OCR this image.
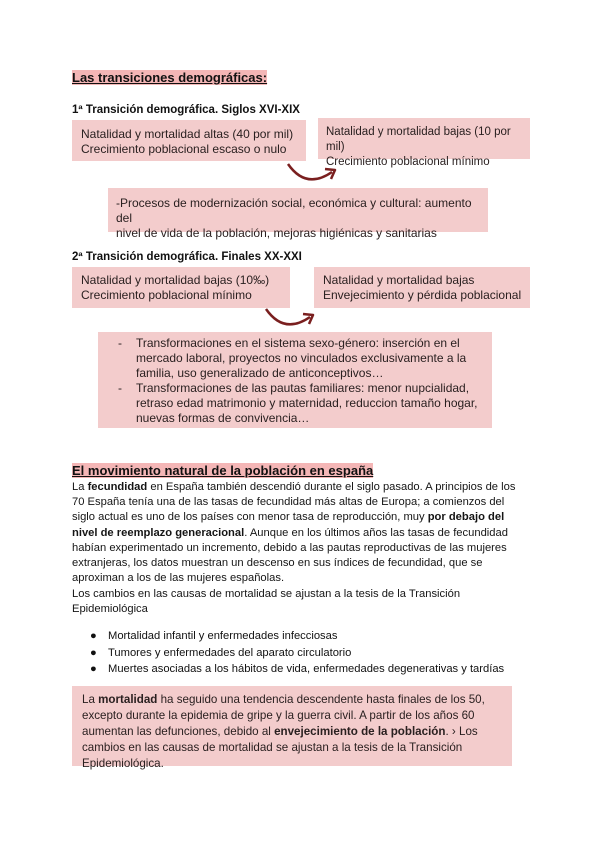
Las transiciones demográficas:
1ª Transición demográfica. Siglos XVI-XIX
Natalidad y mortalidad altas (40 por mil)
Crecimiento poblacional escaso o nulo
Natalidad y mortalidad bajas (10 por mil)
Crecimiento poblacional mínimo
-Procesos de modernización social, económica y cultural: aumento del
nivel de vida de la población, mejoras higiénicas y sanitarias
2ª Transición demográfica. Finales XX-XXI
Natalidad y mortalidad bajas (10‰)
Crecimiento poblacional mínimo
Natalidad y mortalidad bajas
Envejecimiento y pérdida poblacional
- Transformaciones en el sistema sexo-género: inserción en el
mercado laboral, proyectos no vinculados exclusivamente a la
familia, uso generalizado de anticonceptivos…
- Transformaciones de las pautas familiares: menor nupcialidad,
retraso edad matrimonio y maternidad, reduccion tamaño hogar,
nuevas formas de convivencia…
El movimiento natural de la población en españa

La fecundidad en España también descendió durante el siglo pasado. A principios de los 70 España tenía una de las tasas de fecundidad más altas de Europa; a comienzos del siglo actual es uno de los países con menor tasa de reproducción, muy por debajo del nivel de reemplazo generacional. Aunque en los últimos años las tasas de fecundidad habían experimentado un incremento, debido a las pautas reproductivas de las mujeres extranjeras, los datos muestran un descenso en sus índices de fecundidad, que se aproximan a los de las mujeres españolas.

Los cambios en las causas de mortalidad se ajustan a la tesis de la Transición Epidemiológica

● Mortalidad infantil y enfermedades infecciosas
● Tumores y enfermedades del aparato circulatorio
● Muertes asociadas a los hábitos de vida, enfermedades degenerativas y tardías
La mortalidad ha seguido una tendencia descendente hasta finales de los 50, excepto durante la epidemia de gripe y la guerra civil. A partir de los años 60 aumentan las defunciones, debido al envejecimiento de la población. › Los cambios en las causas de mortalidad se ajustan a la tesis de la Transición Epidemiológica.
